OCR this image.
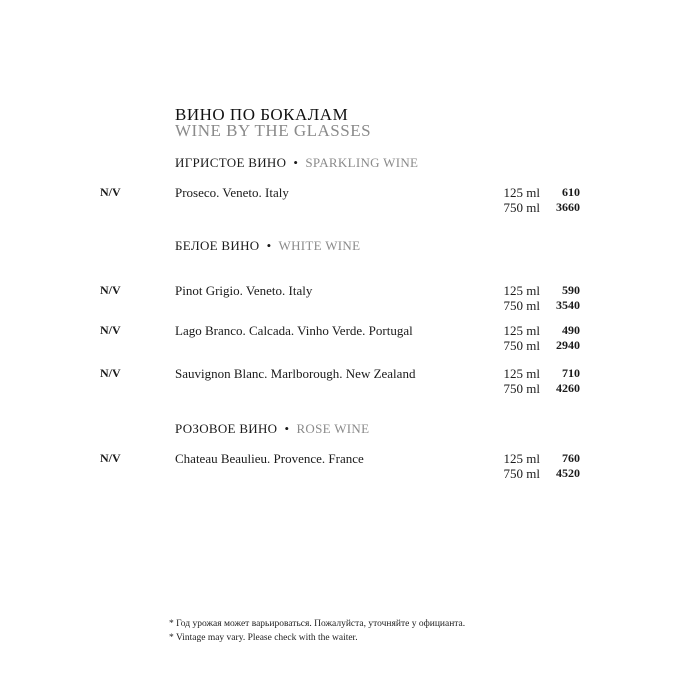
ВИНО ПО БОКАЛАМ
WINE BY THE GLASSES
ИГРИСТОЕ ВИНО  •  SPARKLING WINE
N/V	Proseco. Veneto. Italy	125 ml	610
750 ml	3660
БЕЛОЕ ВИНО  •  WHITE WINE
N/V	Pinot Grigio. Veneto. Italy	125 ml	590
750 ml	3540
N/V	Lago Branco. Calcada. Vinho Verde. Portugal	125 ml	490
750 ml	2940
N/V	Sauvignon Blanc. Marlborough. New Zealand	125 ml	710
750 ml	4260
РОЗОВОЕ ВИНО  •  ROSE WINE
N/V	Chateau Beaulieu. Provence. France	125 ml	760
750 ml	4520
* Год урожая может варьироваться. Пожалуйста, уточняйте у официанта.
* Vintage may vary. Please check with the waiter.
